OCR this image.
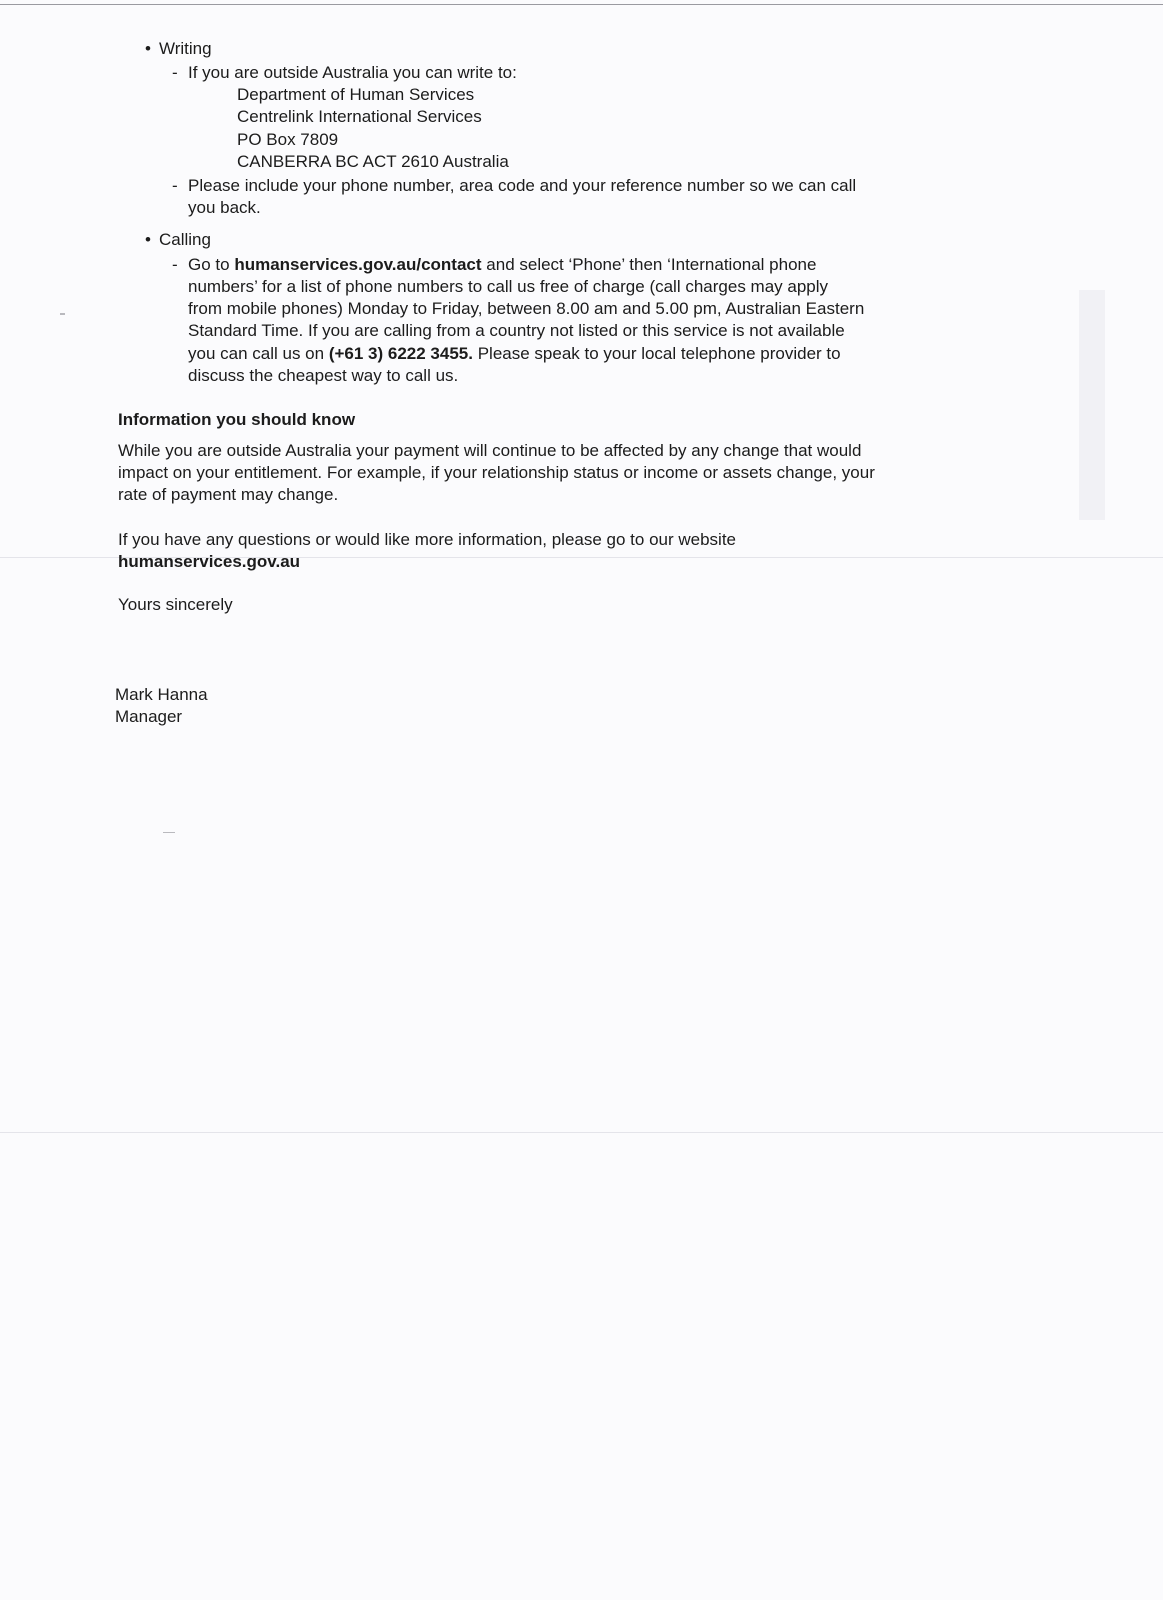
• Writing
- If you are outside Australia you can write to:
Department of Human Services
Centrelink International Services
PO Box 7809
CANBERRA BC ACT 2610 Australia
- Please include your phone number, area code and your reference number so we can call
you back.
• Calling
- Go to humanservices.gov.au/contact and select ‘Phone’ then ‘International phone
numbers’ for a list of phone numbers to call us free of charge (call charges may apply
from mobile phones) Monday to Friday, between 8.00 am and 5.00 pm, Australian Eastern
Standard Time. If you are calling from a country not listed or this service is not available
you can call us on (+61 3) 6222 3455. Please speak to your local telephone provider to
discuss the cheapest way to call us.
Information you should know
While you are outside Australia your payment will continue to be affected by any change that would
impact on your entitlement. For example, if your relationship status or income or assets change, your
rate of payment may change.
If you have any questions or would like more information, please go to our website
humanservices.gov.au
Yours sincerely
Mark Hanna
Manager
